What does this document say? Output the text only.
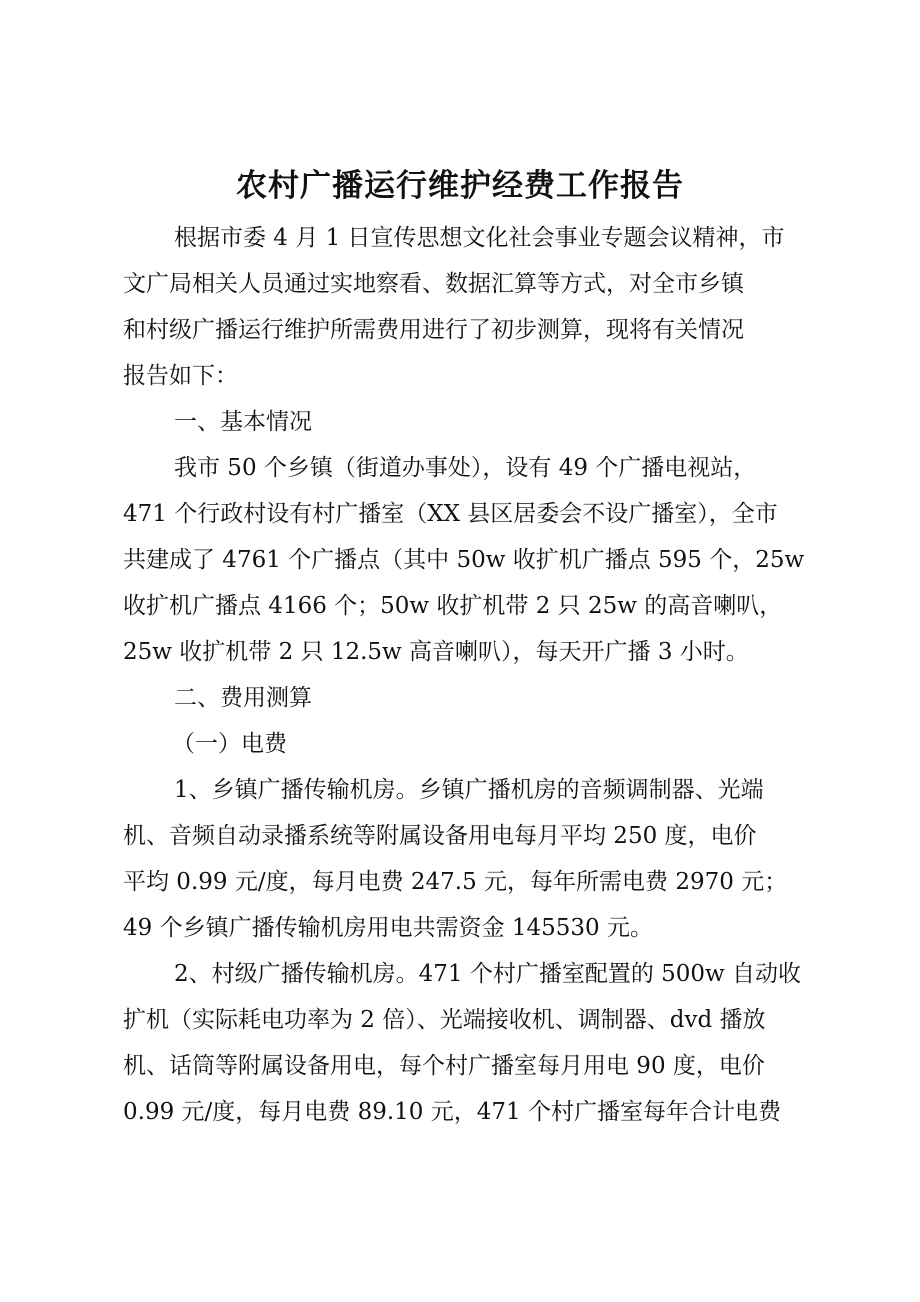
农村广播运行维护经费工作报告
根据市委 4 月 1 日宣传思想文化社会事业专题会议精神，市
文广局相关人员通过实地察看、数据汇算等方式，对全市乡镇
和村级广播运行维护所需费用进行了初步测算，现将有关情况
报告如下：
一、基本情况
我市 50 个乡镇（街道办事处），设有 49 个广播电视站，
471 个行政村设有村广播室（XX 县区居委会不设广播室），全市
共建成了 4761 个广播点（其中 50w 收扩机广播点 595 个，25w
收扩机广播点 4166 个；50w 收扩机带 2 只 25w 的高音喇叭，
25w 收扩机带 2 只 12.5w 高音喇叭），每天开广播 3 小时。
二、费用测算
（一）电费
1、乡镇广播传输机房。乡镇广播机房的音频调制器、光端
机、音频自动录播系统等附属设备用电每月平均 250 度，电价
平均 0.99 元/度，每月电费 247.5 元，每年所需电费 2970 元；
49 个乡镇广播传输机房用电共需资金 145530 元。
2、村级广播传输机房。471 个村广播室配置的 500w 自动收
扩机（实际耗电功率为 2 倍）、光端接收机、调制器、dvd 播放
机、话筒等附属设备用电，每个村广播室每月用电 90 度，电价
0.99 元/度，每月电费 89.10 元，471 个村广播室每年合计电费
